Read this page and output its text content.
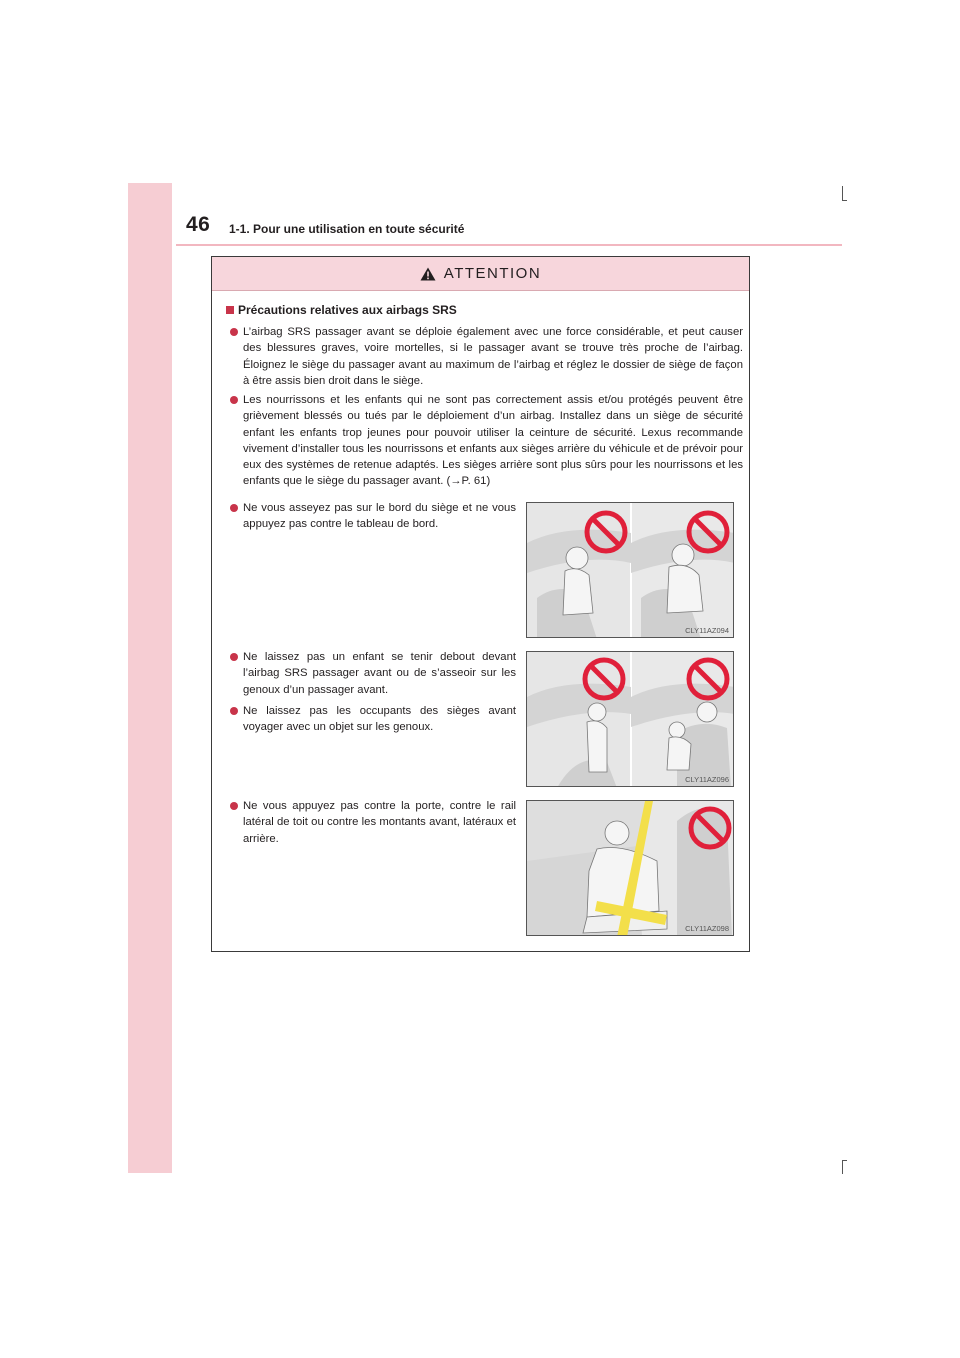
46 1-1. Pour une utilisation en toute sécurité
ATTENTION
Précautions relatives aux airbags SRS
L’airbag SRS passager avant se déploie également avec une force considérable, et peut causer des blessures graves, voire mortelles, si le passager avant se trouve très proche de l’airbag. Éloignez le siège du passager avant au maximum de l’airbag et réglez le dossier de siège de façon à être assis bien droit dans le siège.
Les nourrissons et les enfants qui ne sont pas correctement assis et/ou protégés peuvent être grièvement blessés ou tués par le déploiement d’un airbag. Installez dans un siège de sécurité enfant les enfants trop jeunes pour pouvoir utiliser la ceinture de sécurité. Lexus recommande vivement d’installer tous les nourrissons et enfants aux sièges arrière du véhicule et de prévoir pour eux des systèmes de retenue adaptés. Les sièges arrière sont plus sûrs pour les nourrissons et les enfants que le siège du passager avant. (→P. 61)
Ne vous asseyez pas sur le bord du siège et ne vous appuyez pas contre le tableau de bord.
Ne laissez pas un enfant se tenir debout devant l’airbag SRS passager avant ou de s’asseoir sur les genoux d’un passager avant.
Ne laissez pas les occupants des sièges avant voyager avec un objet sur les genoux.
Ne vous appuyez pas contre la porte, contre le rail latéral de toit ou contre les montants avant, latéraux et arrière.
CLY11AZ094
CLY11AZ096
CLY11AZ098
